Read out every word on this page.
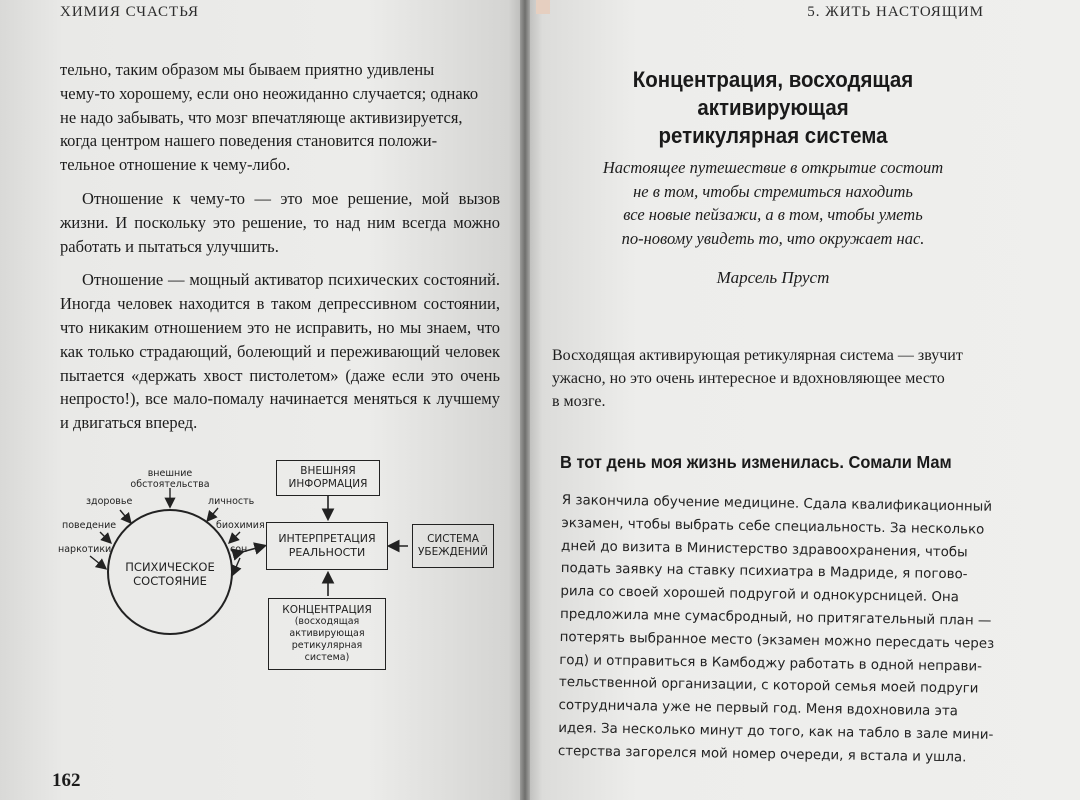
ХИМИЯ СЧАСТЬЯ

тельно, таким образом мы бываем приятно удивлены
чему-то хорошему, если оно неожиданно случается; однако
не надо забывать, что мозг впечатляюще активизируется,
когда центром нашего поведения становится положи-
тельное отношение к чему-либо.

Отношение к чему-то — это мое решение, мой вызов жизни. И поскольку это решение, то над ним всегда можно работать и пытаться улучшить.

Отношение — мощный активатор психических состояний. Иногда человек находится в таком депрессивном состоянии, что никаким отношением это не исправить, но мы знаем, что как только страдающий, болеющий и переживающий человек пытается «держать хвост пистолетом» (даже если это очень непросто!), все мало-помалу начинается меняться к лучшему и двигаться вперед.

внешние
обстоятельства
здоровье	личность
поведение	биохимия
наркотики	сон
ПСИХИЧЕСКОЕ
СОСТОЯНИЕ
ВНЕШНЯЯ
ИНФОРМАЦИЯ
ИНТЕРПРЕТАЦИЯ
РЕАЛЬНОСТИ
СИСТЕМА
УБЕЖДЕНИЙ
КОНЦЕНТРАЦИЯ
(восходящая
активирующая
ретикулярная
система)
162
5. ЖИТЬ НАСТОЯЩИМ
Концентрация, восходящая активирующая
ретикулярная система
Настоящее путешествие в открытие состоит
не в том, чтобы стремиться находить
все новые пейзажи, а в том, чтобы уметь
по-новому увидеть то, что окружает нас.
Марсель Пруст
Восходящая активирующая ретикулярная система — звучит
ужасно, но это очень интересное и вдохновляющее место
в мозге.
В тот день моя жизнь изменилась. Сомали Мам
Я закончила обучение медицине. Сдала квалификационный
экзамен, чтобы выбрать себе специальность. За несколько
дней до визита в Министерство здравоохранения, чтобы
подать заявку на ставку психиатра в Мадриде, я погово-
рила со своей хорошей подругой и однокурсницей. Она
предложила мне сумасбродный, но притягательный план —
потерять выбранное место (экзамен можно пересдать через
год) и отправиться в Камбоджу работать в одной неправи-
тельственной организации, с которой семья моей подруги
сотрудничала уже не первый год. Меня вдохновила эта
идея. За несколько минут до того, как на табло в зале мини-
стерства загорелся мой номер очереди, я встала и ушла.
